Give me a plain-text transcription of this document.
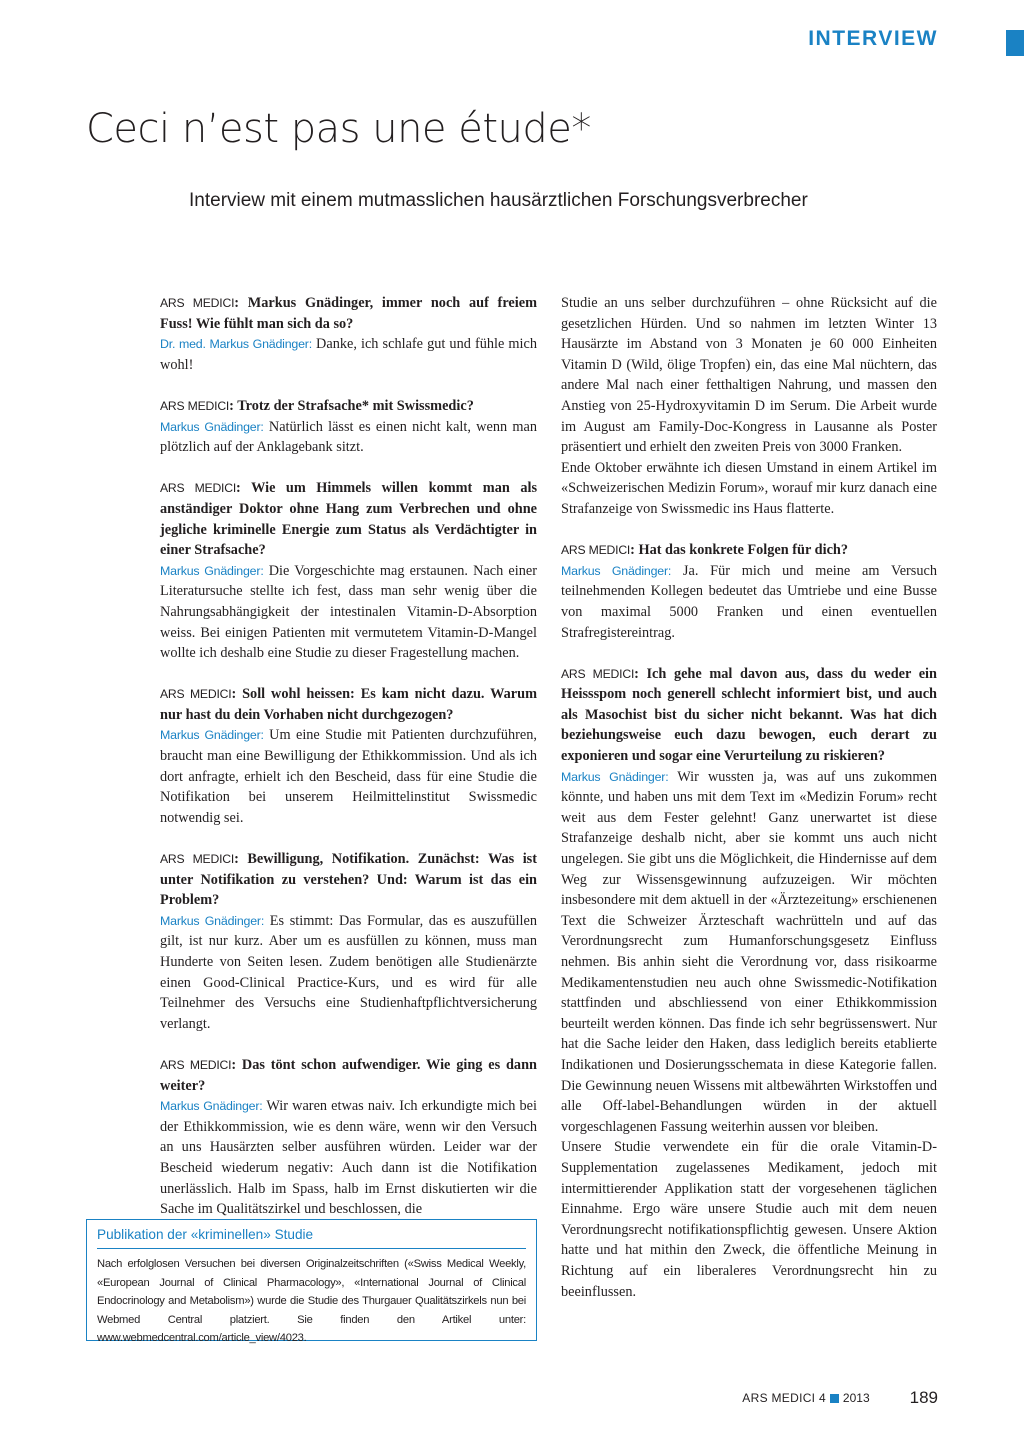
INTERVIEW
Ceci n’est pas une étude*
Interview mit einem mutmasslichen hausärztlichen Forschungsverbrecher
ARS MEDICI: Markus Gnädinger, immer noch auf freiem Fuss! Wie fühlt man sich da so?
Dr. med. Markus Gnädinger: Danke, ich schlafe gut und fühle mich wohl!
ARS MEDICI: Trotz der Strafsache* mit Swissmedic?
Markus Gnädinger: Natürlich lässt es einen nicht kalt, wenn man plötzlich auf der Anklagebank sitzt.
ARS MEDICI: Wie um Himmels willen kommt man als anständiger Doktor ohne Hang zum Verbrechen und ohne jegliche kriminelle Energie zum Status als Verdächtigter in einer Strafsache?
Markus Gnädinger: Die Vorgeschichte mag erstaunen. Nach einer Literatursuche stellte ich fest, dass man sehr wenig über die Nahrungsabhängigkeit der intestinalen Vitamin-D-Absorption weiss. Bei einigen Patienten mit vermutetem Vitamin-D-Mangel wollte ich deshalb eine Studie zu dieser Fragestellung machen.
ARS MEDICI: Soll wohl heissen: Es kam nicht dazu. Warum nur hast du dein Vorhaben nicht durchgezogen?
Markus Gnädinger: Um eine Studie mit Patienten durchzuführen, braucht man eine Bewilligung der Ethikkommission. Und als ich dort anfragte, erhielt ich den Bescheid, dass für eine Studie die Notifikation bei unserem Heilmittelinstitut Swissmedic notwendig sei.
ARS MEDICI: Bewilligung, Notifikation. Zunächst: Was ist unter Notifikation zu verstehen? Und: Warum ist das ein Problem?
Markus Gnädinger: Es stimmt: Das Formular, das es auszufüllen gilt, ist nur kurz. Aber um es ausfüllen zu können, muss man Hunderte von Seiten lesen. Zudem benötigen alle Studienärzte einen Good-Clinical Practice-Kurs, und es wird für alle Teilnehmer des Versuchs eine Studienhaftpflichtversicherung verlangt.
ARS MEDICI: Das tönt schon aufwendiger. Wie ging es dann weiter?
Markus Gnädinger: Wir waren etwas naiv. Ich erkundigte mich bei der Ethikkommission, wie es denn wäre, wenn wir den Versuch an uns Hausärzten selber ausführen würden. Leider war der Bescheid wiederum negativ: Auch dann ist die Notifikation unerlässlich. Halb im Spass, halb im Ernst diskutierten wir die Sache im Qualitätszirkel und beschlossen, die

Studie an uns selber durchzuführen – ohne Rücksicht auf die gesetzlichen Hürden. Und so nahmen im letzten Winter 13 Hausärzte im Abstand von 3 Monaten je 60 000 Einheiten Vitamin D (Wild, ölige Tropfen) ein, das eine Mal nüchtern, das andere Mal nach einer fetthaltigen Nahrung, und massen den Anstieg von 25-Hydroxyvitamin D im Serum. Die Arbeit wurde im August am Family-Doc-Kongress in Lausanne als Poster präsentiert und erhielt den zweiten Preis von 3000 Franken.

Ende Oktober erwähnte ich diesen Umstand in einem Artikel im «Schweizerischen Medizin Forum», worauf mir kurz danach eine Strafanzeige von Swissmedic ins Haus flatterte.

ARS MEDICI: Hat das konkrete Folgen für dich?
Markus Gnädinger: Ja. Für mich und meine am Versuch teilnehmenden Kollegen bedeutet das Umtriebe und eine Busse von maximal 5000 Franken und einen eventuellen Strafregistereintrag.
ARS MEDICI: Ich gehe mal davon aus, dass du weder ein Heissspom noch generell schlecht informiert bist, und auch als Masochist bist du sicher nicht bekannt. Was hat dich beziehungsweise euch dazu bewogen, euch derart zu exponieren und sogar eine Verurteilung zu riskieren?
Markus Gnädinger: Wir wussten ja, was auf uns zukommen könnte, und haben uns mit dem Text im «Medizin Forum» recht weit aus dem Fester gelehnt! Ganz unerwartet ist diese Strafanzeige deshalb nicht, aber sie kommt uns auch nicht ungelegen. Sie gibt uns die Möglichkeit, die Hindernisse auf dem Weg zur Wissensgewinnung aufzuzeigen. Wir möchten insbesondere mit dem aktuell in der «Ärztezeitung» erschienenen Text die Schweizer Ärzteschaft wachrütteln und auf das Verordnungsrecht zum Humanforschungsgesetz Einfluss nehmen. Bis anhin sieht die Verordnung vor, dass risikoarme Medikamentenstudien neu auch ohne Swissmedic-Notifikation stattfinden und abschliessend von einer Ethikkommission beurteilt werden können. Das finde ich sehr begrüssenswert. Nur hat die Sache leider den Haken, dass lediglich bereits etablierte Indikationen und Dosierungsschemata in diese Kategorie fallen. Die Gewinnung neuen Wissens mit altbewährten Wirkstoffen und alle Off-label-Behandlungen würden in der aktuell vorgeschlagenen Fassung weiterhin aussen vor bleiben.

Unsere Studie verwendete ein für die orale Vitamin-D-Supplementation zugelassenes Medikament, jedoch mit intermittierender Applikation statt der vorgesehenen täglichen Einnahme. Ergo wäre unsere Studie auch mit dem neuen Verordnungsrecht notifikationspflichtig gewesen. Unsere Aktion hatte und hat mithin den Zweck, die öffentliche Meinung in Richtung auf ein liberaleres Verordnungsrecht hin zu beeinflussen.

Publikation der «kriminellen» Studie
Nach erfolglosen Versuchen bei diversen Originalzeitschriften («Swiss Medical Weekly, «European Journal of Clinical Pharmacology», «International Journal of Clinical Endocrinology and Metabolism») wurde die Studie des Thurgauer Qualitätszirkels nun bei Webmed Central platziert. Sie finden den Artikel unter: www.webmedcentral.com/article_view/4023.
ARS MEDICI 4 2013 189
